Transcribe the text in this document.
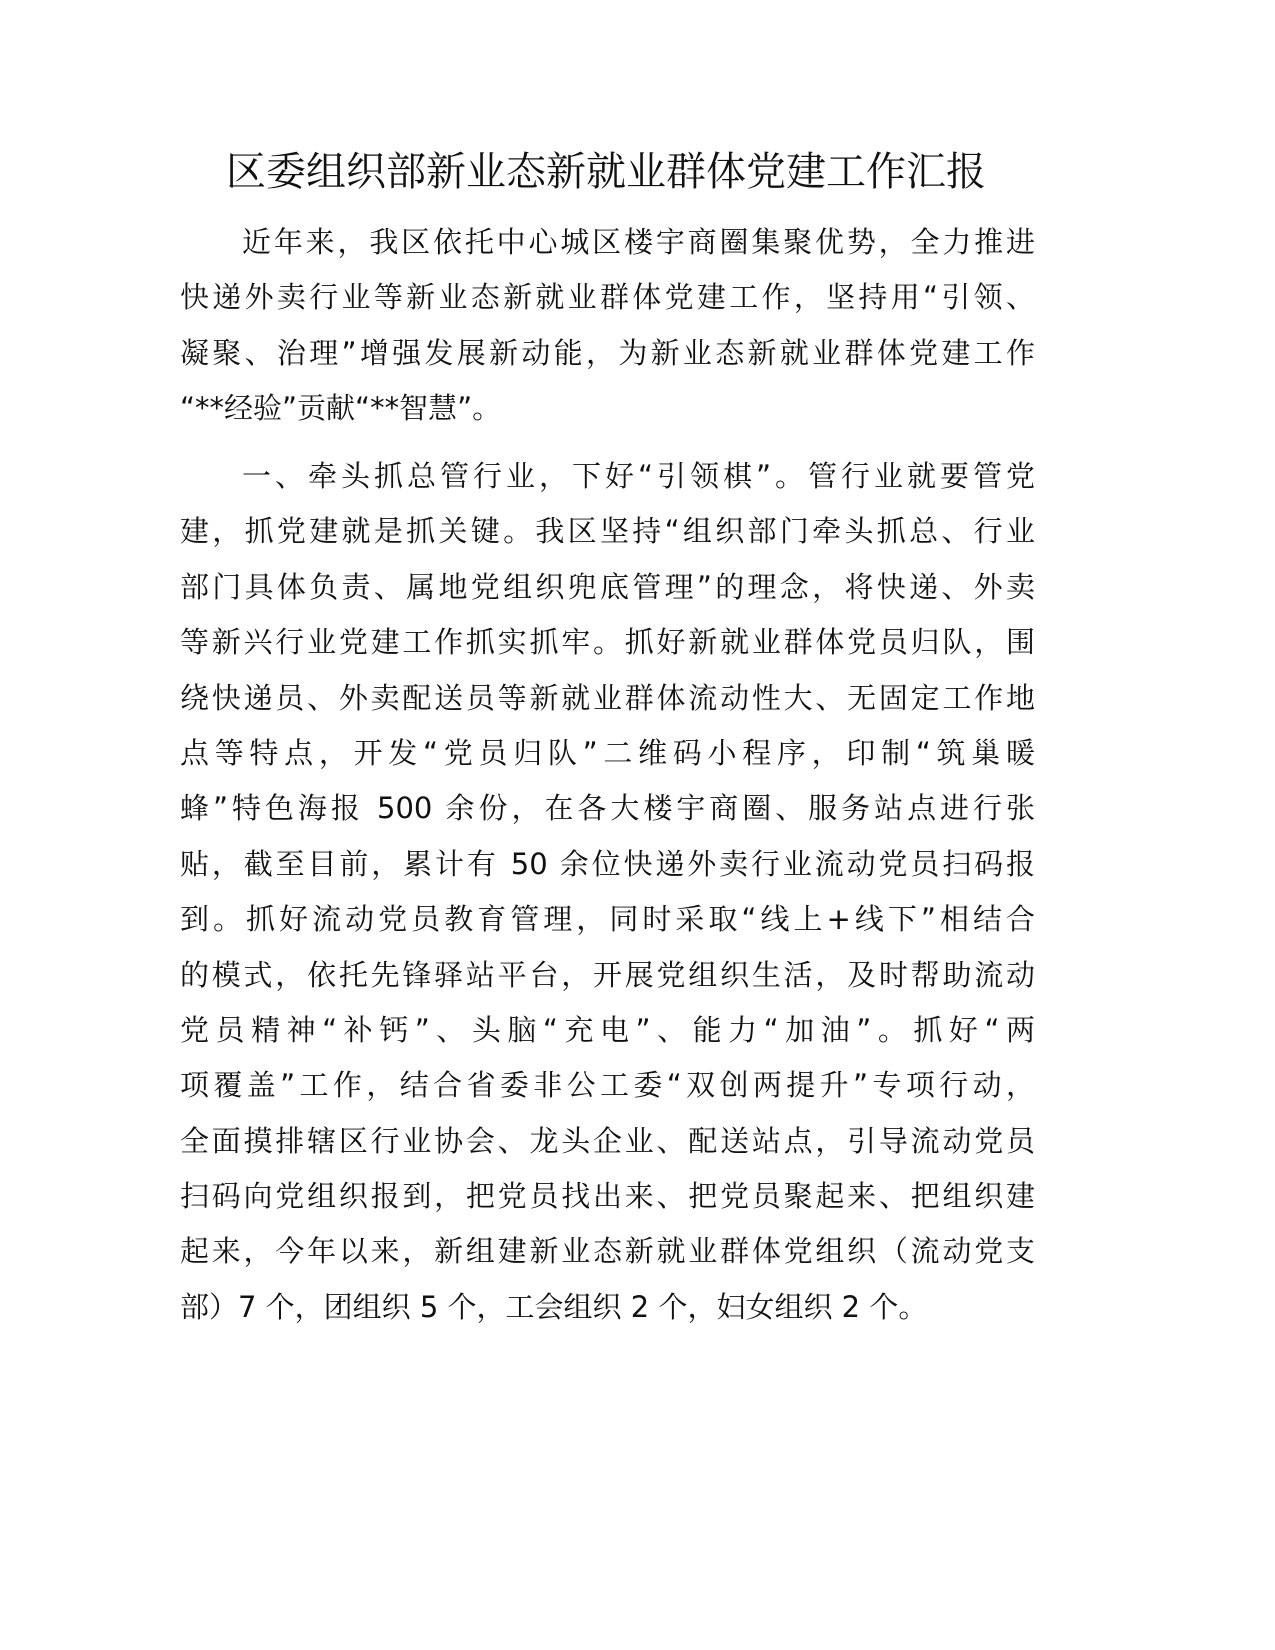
区委组织部新业态新就业群体党建工作汇报
近年来，我区依托中心城区楼宇商圈集聚优势，全力推进
快递外卖行业等新业态新就业群体党建工作，坚持用“引领、
凝聚、治理”增强发展新动能，为新业态新就业群体党建工作
“**经验”贡献“**智慧”。
一、牵头抓总管行业，下好“引领棋”。管行业就要管党
建，抓党建就是抓关键。我区坚持“组织部门牵头抓总、行业
部门具体负责、属地党组织兜底管理”的理念，将快递、外卖
等新兴行业党建工作抓实抓牢。抓好新就业群体党员归队，围
绕快递员、外卖配送员等新就业群体流动性大、无固定工作地
点等特点，开发“党员归队”二维码小程序，印制“筑巢暖
蜂”特色海报 500 余份，在各大楼宇商圈、服务站点进行张
贴，截至目前，累计有 50 余位快递外卖行业流动党员扫码报
到。抓好流动党员教育管理，同时采取“线上+线下”相结合
的模式，依托先锋驿站平台，开展党组织生活，及时帮助流动
党员精神“补钙”、头脑“充电”、能力“加油”。抓好“两
项覆盖”工作，结合省委非公工委“双创两提升”专项行动，
全面摸排辖区行业协会、龙头企业、配送站点，引导流动党员
扫码向党组织报到，把党员找出来、把党员聚起来、把组织建
起来，今年以来，新组建新业态新就业群体党组织（流动党支
部）7 个，团组织 5 个，工会组织 2 个，妇女组织 2 个。
